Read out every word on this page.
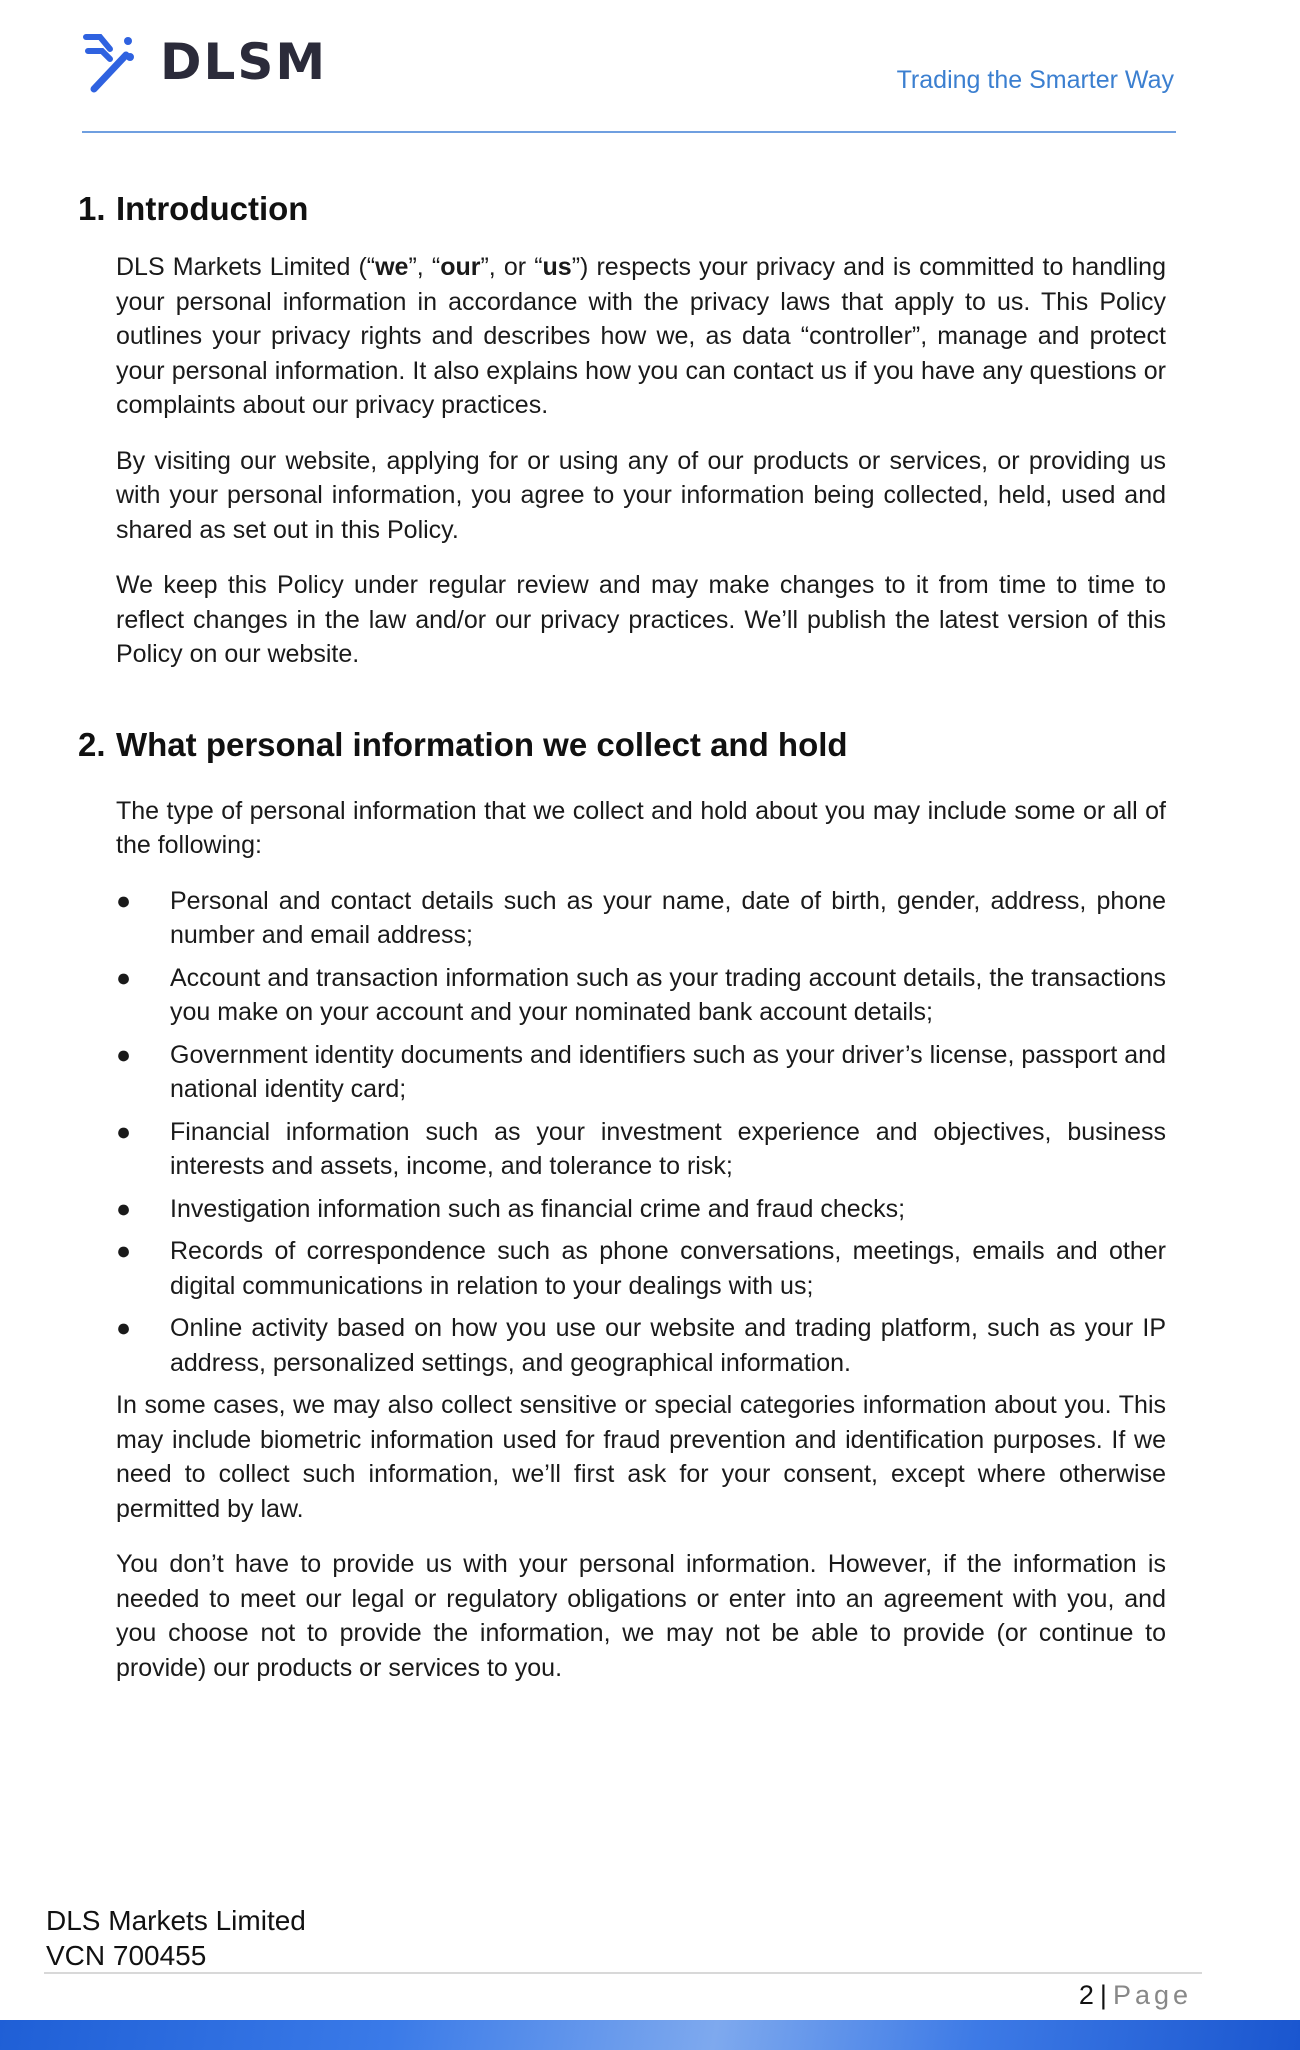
DLSM	Trading the Smarter Way
1. Introduction

DLS Markets Limited (“we”, “our”, or “us”) respects your privacy and is committed to handling your personal information in accordance with the privacy laws that apply to us. This Policy outlines your privacy rights and describes how we, as data “controller”, manage and protect your personal information. It also explains how you can contact us if you have any questions or complaints about our privacy practices.

By visiting our website, applying for or using any of our products or services, or providing us with your personal information, you agree to your information being collected, held, used and shared as set out in this Policy.

We keep this Policy under regular review and may make changes to it from time to time to reflect changes in the law and/or our privacy practices. We’ll publish the latest version of this Policy on our website.

2. What personal information we collect and hold

The type of personal information that we collect and hold about you may include some or all of the following:

● Personal and contact details such as your name, date of birth, gender, address, phone number and email address;
● Account and transaction information such as your trading account details, the transactions you make on your account and your nominated bank account details;
● Government identity documents and identifiers such as your driver’s license, passport and national identity card;
● Financial information such as your investment experience and objectives, business interests and assets, income, and tolerance to risk;
● Investigation information such as financial crime and fraud checks;
● Records of correspondence such as phone conversations, meetings, emails and other digital communications in relation to your dealings with us;
● Online activity based on how you use our website and trading platform, such as your IP address, personalized settings, and geographical information.

In some cases, we may also collect sensitive or special categories information about you. This may include biometric information used for fraud prevention and identification purposes. If we need to collect such information, we’ll first ask for your consent, except where otherwise permitted by law.

You don’t have to provide us with your personal information. However, if the information is needed to meet our legal or regulatory obligations or enter into an agreement with you, and you choose not to provide the information, we may not be able to provide (or continue to provide) our products or services to you.

DLS Markets Limited
VCN 700455
2 | Page
